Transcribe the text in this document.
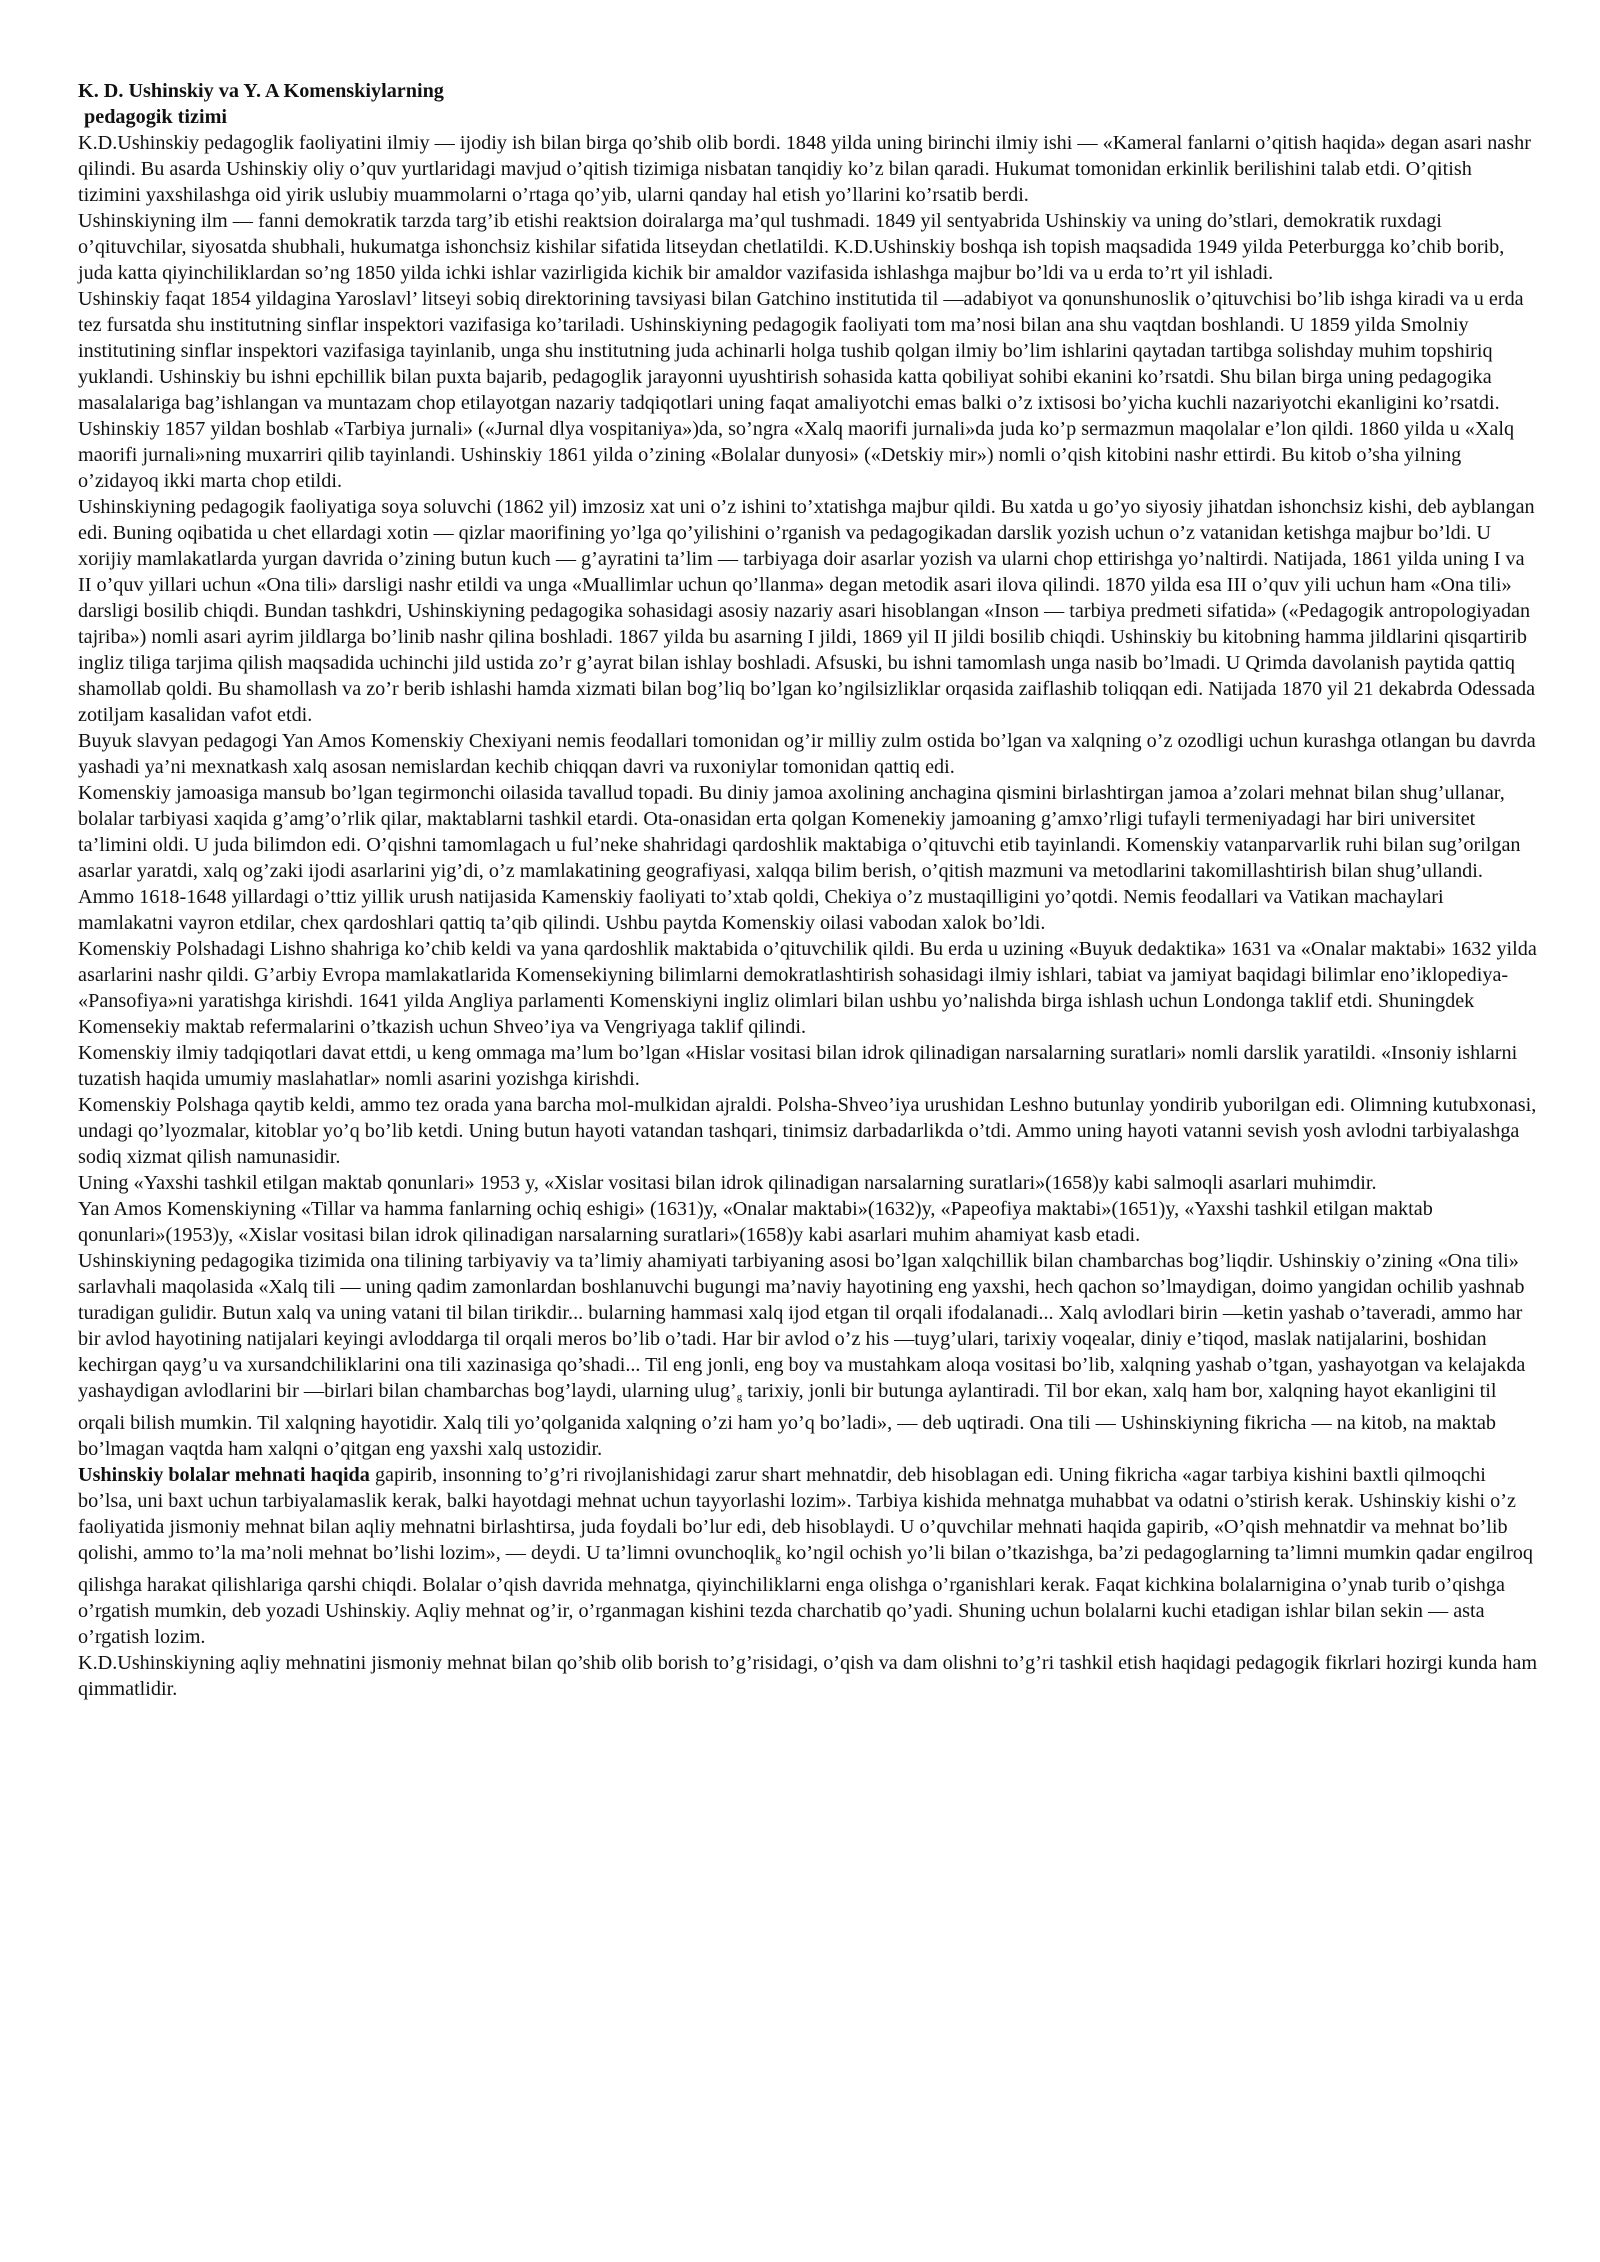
K. D. Ushinskiy va Y. A Komenskiylarning
pedagogik tizimi

K.D.Ushinskiy pedagoglik faoliyatini ilmiy — ijodiy ish bilan birga qo’shib olib bordi. 1848 yilda uning birinchi ilmiy ishi — «Kameral fanlarni o’qitish haqida» degan asari nashr qilindi. Bu asarda Ushinskiy oliy o’quv yurtlaridagi mavjud o’qitish tizimiga nisbatan tanqidiy ko’z bilan qaradi. Hukumat tomonidan erkinlik berilishini talab etdi. O’qitish tizimini yaxshilashga oid yirik uslubiy muammolarni o’rtaga qo’yib, ularni qanday hal etish yo’llarini ko’rsatib berdi.

Ushinskiyning ilm — fanni demokratik tarzda targ’ib etishi reaktsion doiralarga ma’qul tushmadi. 1849 yil sentyabrida Ushinskiy va uning do’stlari, demokratik ruxdagi o’qituvchilar, siyosatda shubhali, hukumatga ishonchsiz kishilar sifatida litseydan chetlatildi. K.D.Ushinskiy boshqa ish topish maqsadida 1949 yilda Peterburgga ko’chib borib, juda katta qiyinchiliklardan so’ng 1850 yilda ichki ishlar vazirligida kichik bir amaldor vazifasida ishlashga majbur bo’ldi va u erda to’rt yil ishladi.

Ushinskiy faqat 1854 yildagina Yaroslavl’ litseyi sobiq direktorining tavsiyasi bilan Gatchino institutida til —adabiyot va qonunshunoslik o’qituvchisi bo’lib ishga kiradi va u erda tez fursatda shu institutning sinflar inspektori vazifasiga ko’tariladi. Ushinskiyning pedagogik faoliyati tom ma’nosi bilan ana shu vaqtdan boshlandi. U 1859 yilda Smolniy institutining sinflar inspektori vazifasiga tayinlanib, unga shu institutning juda achinarli holga tushib qolgan ilmiy bo’lim ishlarini qaytadan tartibga solishday muhim topshiriq yuklandi. Ushinskiy bu ishni epchillik bilan puxta bajarib, pedagoglik jarayonni uyushtirish sohasida katta qobiliyat sohibi ekanini ko’rsatdi. Shu bilan birga uning pedagogika masalalariga bag’ishlangan va muntazam chop etilayotgan nazariy tadqiqotlari uning faqat amaliyotchi emas balki o’z ixtisosi bo’yicha kuchli nazariyotchi ekanligini ko’rsatdi.

Ushinskiy 1857 yildan boshlab «Tarbiya jurnali» («Jurnal dlya vospitaniya»)da, so’ngra «Xalq maorifi jurnali»da juda ko’p sermazmun maqolalar e’lon qildi. 1860 yilda u «Xalq maorifi jurnali»ning muxarriri qilib tayinlandi. Ushinskiy 1861 yilda o’zining «Bolalar dunyosi» («Detskiy mir») nomli o’qish kitobini nashr ettirdi. Bu kitob o’sha yilning o’zidayoq ikki marta chop etildi.

Ushinskiyning pedagogik faoliyatiga soya soluvchi (1862 yil) imzosiz xat uni o’z ishini to’xtatishga majbur qildi. Bu xatda u go’yo siyosiy jihatdan ishonchsiz kishi, deb ayblangan edi. Buning oqibatida u chet ellardagi xotin — qizlar maorifining yo’lga qo’yilishini o’rganish va pedagogikadan darslik yozish uchun o’z vatanidan ketishga majbur bo’ldi. U xorijiy mamlakatlarda yurgan davrida o’zining butun kuch — g’ayratini ta’lim — tarbiyaga doir asarlar yozish va ularni chop ettirishga yo’naltirdi. Natijada, 1861 yilda uning I va II o’quv yillari uchun «Ona tili» darsligi nashr etildi va unga «Muallimlar uchun qo’llanma» degan metodik asari ilova qilindi. 1870 yilda esa III o’quv yili uchun ham «Ona tili» darsligi bosilib chiqdi. Bundan tashkdri, Ushinskiyning pedagogika sohasidagi asosiy nazariy asari hisoblangan «Inson — tarbiya predmeti sifatida» («Pedagogik antropologiyadan tajriba») nomli asari ayrim jildlarga bo’linib nashr qilina boshladi. 1867 yilda bu asarning I jildi, 1869 yil II jildi bosilib chiqdi. Ushinskiy bu kitobning hamma jildlarini qisqartirib ingliz tiliga tarjima qilish maqsadida uchinchi jild ustida zo’r g’ayrat bilan ishlay boshladi. Afsuski, bu ishni tamomlash unga nasib bo’lmadi. U Qrimda davolanish paytida qattiq shamollab qoldi. Bu shamollash va zo’r berib ishlashi hamda xizmati bilan bog’liq bo’lgan ko’ngilsizliklar orqasida zaiflashib toliqqan edi. Natijada 1870 yil 21 dekabrda Odessada zotiljam kasalidan vafot etdi.

Buyuk slavyan pedagogi Yan Amos Komenskiy Chexiyani nemis feodallari tomonidan og’ir milliy zulm ostida bo’lgan va xalqning o’z ozodligi uchun kurashga otlangan bu davrda yashadi ya’ni mexnatkash xalq asosan nemislardan kechib chiqqan davri va ruxoniylar tomonidan qattiq edi.

Komenskiy jamoasiga mansub bo’lgan tegirmonchi oilasida tavallud topadi. Bu diniy jamoa axolining anchagina qismini birlashtirgan jamoa a’zolari mehnat bilan shug’ullanar, bolalar tarbiyasi xaqida g’amg’o’rlik qilar, maktablarni tashkil etardi. Ota-onasidan erta qolgan Komenekiy jamoaning g’amxo’rligi tufayli termeniyadagi har biri universitet ta’limini oldi. U juda bilimdon edi. O’qishni tamomlagach u ful’neke shahridagi qardoshlik maktabiga o’qituvchi etib tayinlandi. Komenskiy vatanparvarlik ruhi bilan sug’orilgan asarlar yaratdi, xalq og’zaki ijodi asarlarini yig’di, o’z mamlakatining geografiyasi, xalqqa bilim berish, o’qitish mazmuni va metodlarini takomillashtirish bilan shug’ullandi. Ammo 1618-1648 yillardagi o’ttiz yillik urush natijasida Kamenskiy faoliyati to’xtab qoldi, Chekiya o’z mustaqilligini yo’qotdi. Nemis feodallari va Vatikan machaylari mamlakatni vayron etdilar, chex qardoshlari qattiq ta’qib qilindi. Ushbu paytda Komenskiy oilasi vabodan xalok bo’ldi.

Komenskiy Polshadagi Lishno shahriga ko’chib keldi va yana qardoshlik maktabida o’qituvchilik qildi. Bu erda u uzining «Buyuk dedaktika» 1631 va «Onalar maktabi» 1632 yilda asarlarini nashr qildi. G’arbiy Evropa mamlakatlarida Komensekiyning bilimlarni demokratlashtirish sohasidagi ilmiy ishlari, tabiat va jamiyat baqidagi bilimlar eno’iklopediya- «Pansofiya»ni yaratishga kirishdi. 1641 yilda Angliya parlamenti Komenskiyni ingliz olimlari bilan ushbu yo’nalishda birga ishlash uchun Londonga taklif etdi. Shuningdek Komensekiy maktab refermalarini o’tkazish uchun Shveo’iya va Vengriyaga taklif qilindi.

Komenskiy ilmiy tadqiqotlari davat ettdi, u keng ommaga ma’lum bo’lgan «Hislar vositasi bilan idrok qilinadigan narsalarning suratlari» nomli darslik yaratildi. «Insoniy ishlarni tuzatish haqida umumiy maslahatlar» nomli asarini yozishga kirishdi.

Komenskiy Polshaga qaytib keldi, ammo tez orada yana barcha mol-mulkidan ajraldi. Polsha-Shveo’iya urushidan Leshno butunlay yondirib yuborilgan edi. Olimning kutubxonasi, undagi qo’lyozmalar, kitoblar yo’q bo’lib ketdi. Uning butun hayoti vatandan tashqari, tinimsiz darbadarlikda o’tdi. Ammo uning hayoti vatanni sevish yosh avlodni tarbiyalashga sodiq xizmat qilish namunasidir.

Uning «Yaxshi tashkil etilgan maktab qonunlari» 1953 y, «Xislar vositasi bilan idrok qilinadigan narsalarning suratlari»(1658)y kabi salmoqli asarlari muhimdir.

Yan Amos Komenskiyning «Tillar va hamma fanlarning ochiq eshigi» (1631)y, «Onalar maktabi»(1632)y, «Papeofiya maktabi»(1651)y, «Yaxshi tashkil etilgan maktab qonunlari»(1953)y, «Xislar vositasi bilan idrok qilinadigan narsalarning suratlari»(1658)y kabi asarlari muhim ahamiyat kasb etadi.

Ushinskiyning pedagogika tizimida ona tilining tarbiyaviy va ta’limiy ahamiyati tarbiyaning asosi bo’lgan xalqchillik bilan chambarchas bog’liqdir. Ushinskiy o’zining «Ona tili» sarlavhali maqolasida «Xalq tili — uning qadim zamonlardan boshlanuvchi bugungi ma’naviy hayotining eng yaxshi, hech qachon so’lmaydigan, doimo yangidan ochilib yashnab turadigan gulidir. Butun xalq va uning vatani til bilan tirikdir... bularning hammasi xalq ijod etgan til orqali ifodalanadi... Xalq avlodlari birin —ketin yashab o’taveradi, ammo har bir avlod hayotining natijalari keyingi avloddarga til orqali meros bo’lib o’tadi. Har bir avlod o’z his —tuyg’ulari, tarixiy voqealar, diniy e’tiqod, maslak natijalarini, boshidan kechirgan qayg’u va xursandchiliklarini ona tili xazinasiga qo’shadi... Til eng jonli, eng boy va mustahkam aloqa vositasi bo’lib, xalqning yashab o’tgan, yashayotgan va kelajakda yashaydigan avlodlarini bir —birlari bilan chambarchas bog’laydi, ularning $ulug’_g$ tarixiy, jonli bir butunga aylantiradi. Til bor ekan, xalq ham bor, xalqning hayot ekanligini til orqali bilish mumkin. Til xalqning hayotidir. Xalq tili yo’qolganida xalqning o’zi ham yo’q bo’ladi», — deb uqtiradi. Ona tili — Ushinskiyning fikricha — na kitob, na maktab bo’lmagan vaqtda ham xalqni o’qitgan eng yaxshi xalq ustozidir.

Ushinskiy bolalar mehnati haqida gapirib, insonning to’g’ri rivojlanishidagi zarur shart mehnatdir, deb hisoblagan edi. Uning fikricha «agar tarbiya kishini baxtli qilmoqchi bo’lsa, uni baxt uchun tarbiyalamaslik kerak, balki hayotdagi mehnat uchun tayyorlashi lozim». Tarbiya kishida mehnatga muhabbat va odatni o’stirish kerak. Ushinskiy kishi o’z faoliyatida jismoniy mehnat bilan aqliy mehnatni birlashtirsa, juda foydali bo’lur edi, deb hisoblaydi. U o’quvchilar mehnati haqida gapirib, «O’qish mehnatdir va mehnat bo’lib qolishi, ammo to’la ma’noli mehnat bo’lishi lozim», — deydi. U ta’limni ovunchoqlik$_g$ ko’ngil ochish yo’li bilan o’tkazishga, ba’zi pedagoglarning ta’limni mumkin qadar engilroq qilishga harakat qilishlariga qarshi chiqdi. Bolalar o’qish davrida mehnatga, qiyinchiliklarni enga olishga o’rganishlari kerak. Faqat kichkina bolalarnigina o’ynab turib o’qishga o’rgatish mumkin, deb yozadi Ushinskiy. Aqliy mehnat og’ir, o’rganmagan kishini tezda charchatib qo’yadi. Shuning uchun bolalarni kuchi etadigan ishlar bilan sekin — asta o’rgatish lozim.

K.D.Ushinskiyning aqliy mehnatini jismoniy mehnat bilan qo’shib olib borish to’g’risidagi, o’qish va dam olishni to’g’ri tashkil etish haqidagi pedagogik fikrlari hozirgi kunda ham qimmatlidir.
